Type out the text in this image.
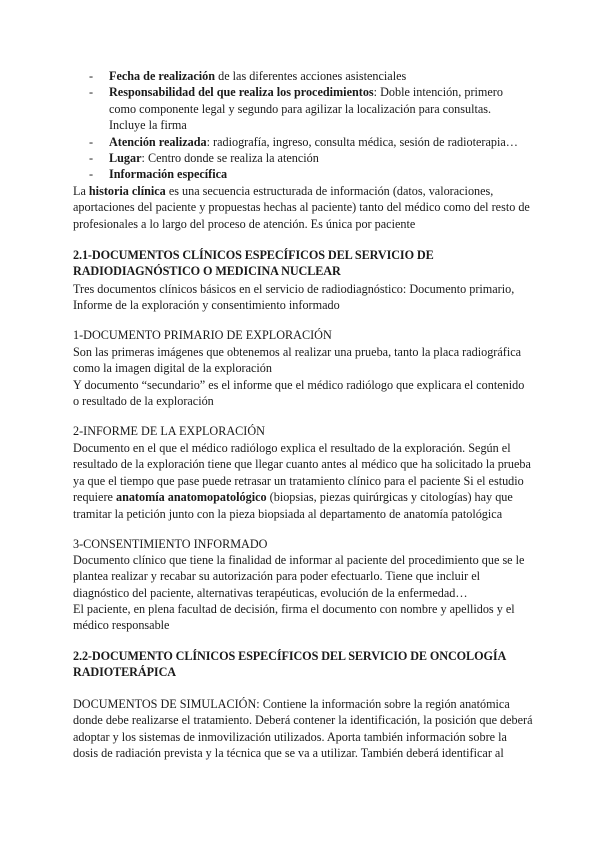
- Fecha de realización de las diferentes acciones asistenciales
- Responsabilidad del que realiza los procedimientos: Doble intención, primero como componente legal y segundo para agilizar la localización para consultas. Incluye la firma
- Atención realizada: radiografía, ingreso, consulta médica, sesión de radioterapia…
- Lugar: Centro donde se realiza la atención
- Información específica

La historia clínica es una secuencia estructurada de información (datos, valoraciones, aportaciones del paciente y propuestas hechas al paciente) tanto del médico como del resto de profesionales a lo largo del proceso de atención. Es única por paciente

2.1-DOCUMENTOS CLÍNICOS ESPECÍFICOS DEL SERVICIO DE RADIODIAGNÓSTICO O MEDICINA NUCLEAR

Tres documentos clínicos básicos en el servicio de radiodiagnóstico: Documento primario, Informe de la exploración y consentimiento informado

1-DOCUMENTO PRIMARIO DE EXPLORACIÓN

Son las primeras imágenes que obtenemos al realizar una prueba, tanto la placa radiográfica como la imagen digital de la exploración

Y documento “secundario” es el informe que el médico radiólogo que explicara el contenido o resultado de la exploración

2-INFORME DE LA EXPLORACIÓN

Documento en el que el médico radiólogo explica el resultado de la exploración. Según el resultado de la exploración tiene que llegar cuanto antes al médico que ha solicitado la prueba ya que el tiempo que pase puede retrasar un tratamiento clínico para el paciente Si el estudio requiere anatomía anatomopatológico (biopsias, piezas quirúrgicas y citologías) hay que tramitar la petición junto con la pieza biopsiada al departamento de anatomía patológica

3-CONSENTIMIENTO INFORMADO

Documento clínico que tiene la finalidad de informar al paciente del procedimiento que se le plantea realizar y recabar su autorización para poder efectuarlo. Tiene que incluir el diagnóstico del paciente, alternativas terapéuticas, evolución de la enfermedad…

El paciente, en plena facultad de decisión, firma el documento con nombre y apellidos y el médico responsable

2.2-DOCUMENTO CLÍNICOS ESPECÍFICOS DEL SERVICIO DE ONCOLOGÍA RADIOTERÁPICA

DOCUMENTOS DE SIMULACIÓN: Contiene la información sobre la región anatómica donde debe realizarse el tratamiento. Deberá contener la identificación, la posición que deberá adoptar y los sistemas de inmovilización utilizados. Aporta también información sobre la dosis de radiación prevista y la técnica que se va a utilizar. También deberá identificar al
